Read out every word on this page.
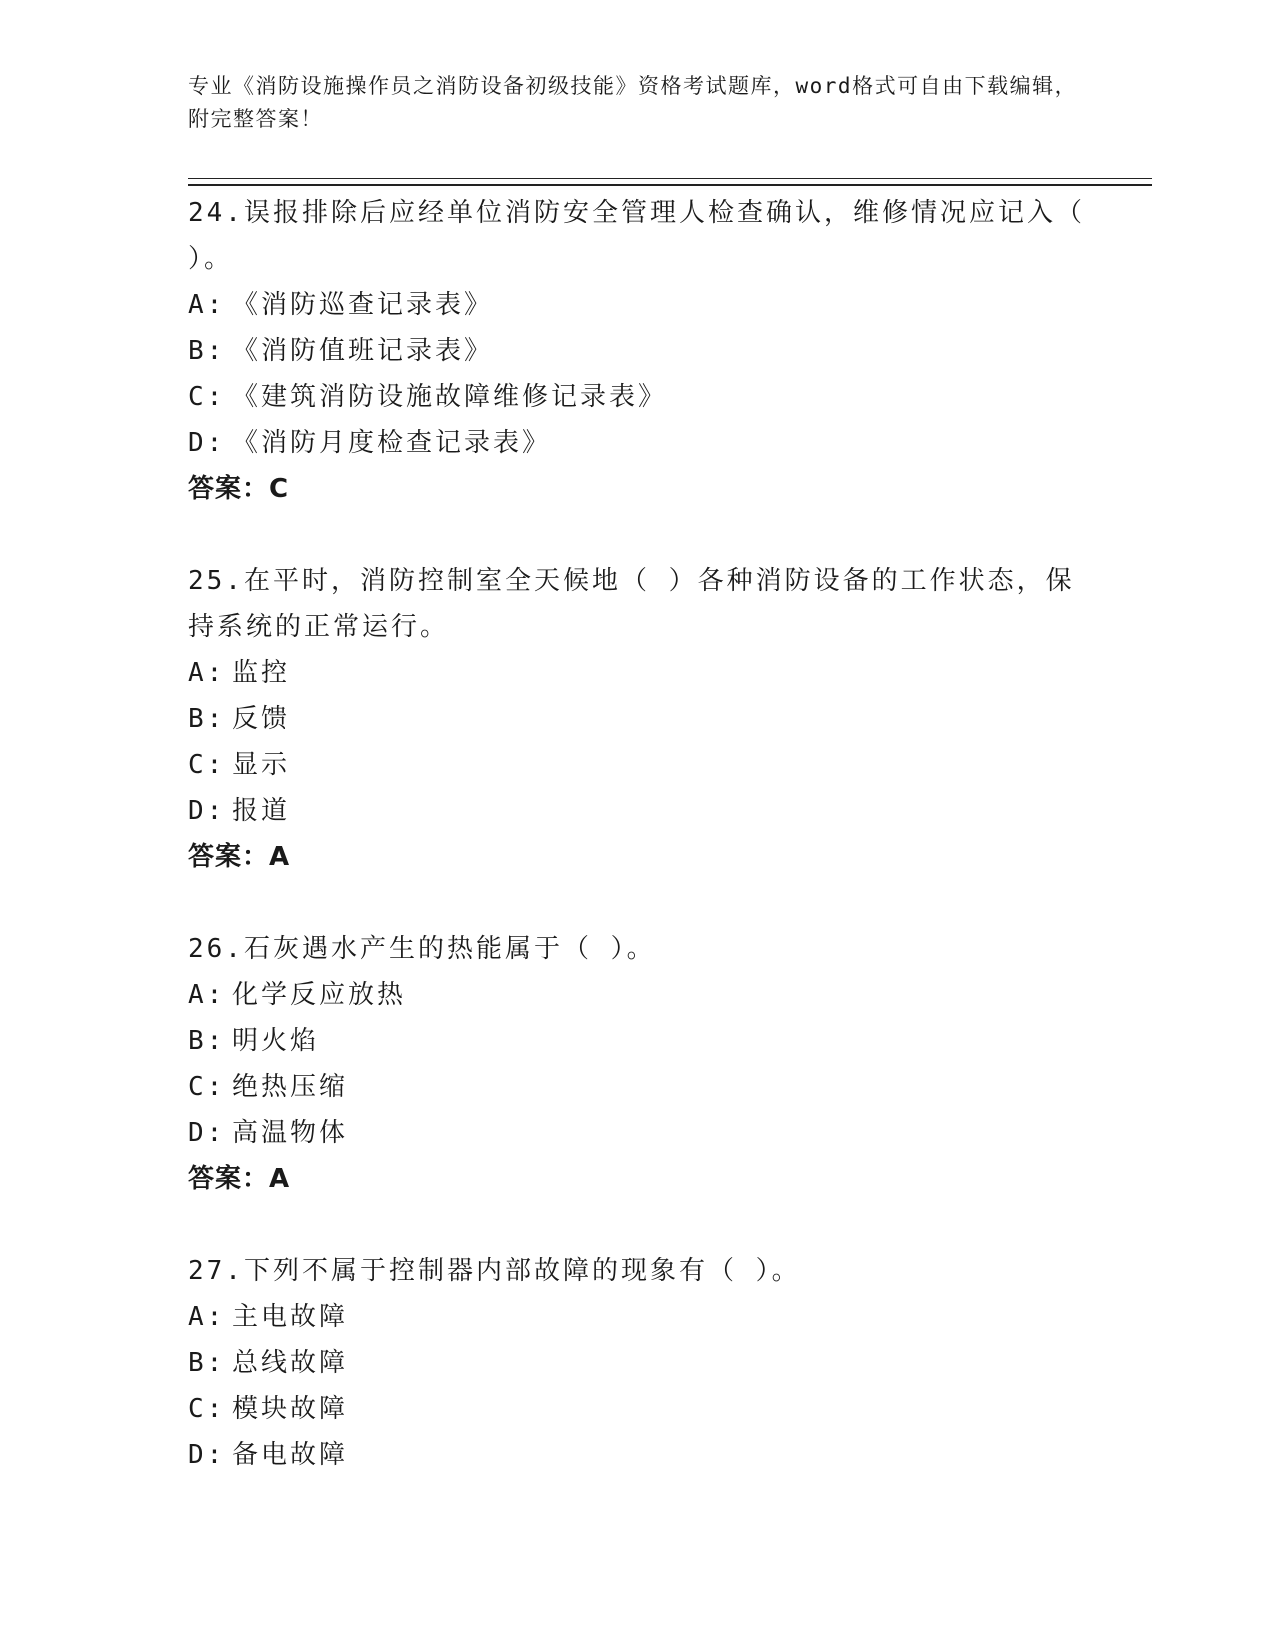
专业《消防设施操作员之消防设备初级技能》资格考试题库，word格式可自由下载编辑，附完整答案！
24.误报排除后应经单位消防安全管理人检查确认，维修情况应记入（ ）。
A: 《消防巡查记录表》
B: 《消防值班记录表》
C: 《建筑消防设施故障维修记录表》
D: 《消防月度检查记录表》
答案：C
25.在平时，消防控制室全天候地（ ）各种消防设备的工作状态，保持系统的正常运行。
A: 监控
B: 反馈
C: 显示
D: 报道
答案：A
26.石灰遇水产生的热能属于（ ）。
A: 化学反应放热
B: 明火焰
C: 绝热压缩
D: 高温物体
答案：A
27.下列不属于控制器内部故障的现象有（ ）。
A: 主电故障
B: 总线故障
C: 模块故障
D: 备电故障
